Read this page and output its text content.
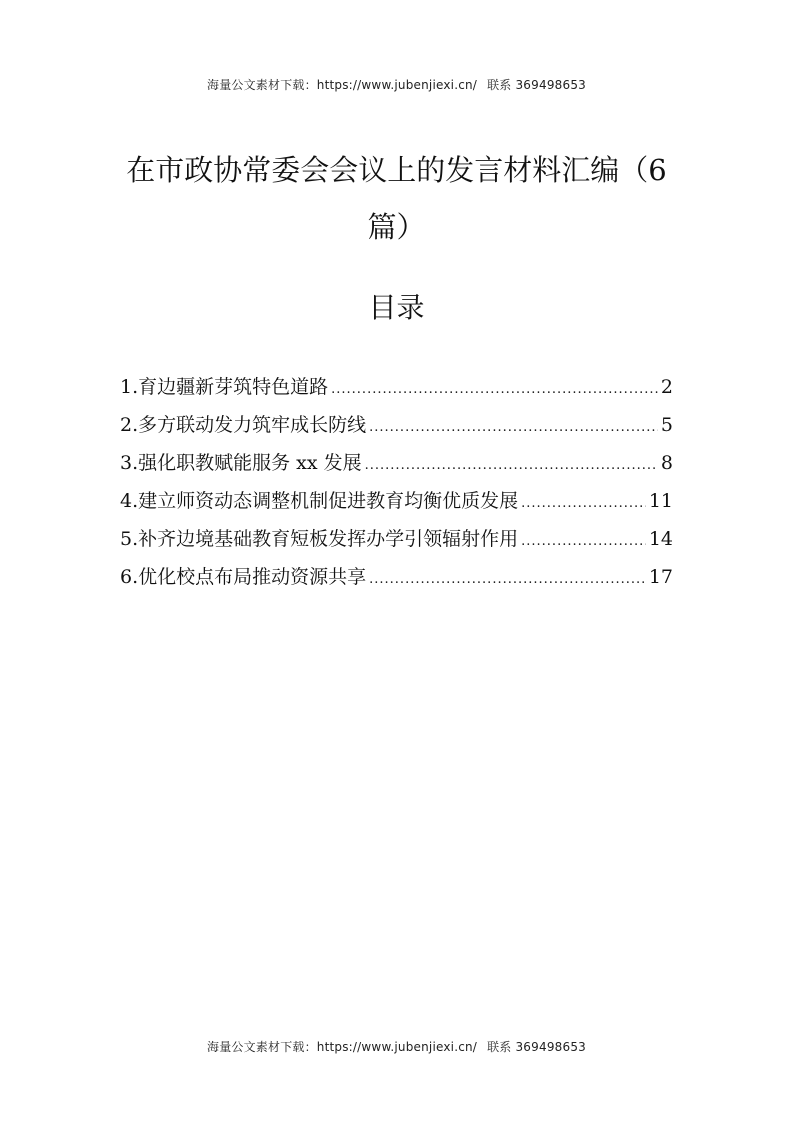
海量公文素材下载：https://www.jubenjiexi.cn/ 联系 369498653
在市政协常委会会议上的发言材料汇编（6篇）
目录
1.育边疆新芽筑特色道路 .....	2
2.多方联动发力筑牢成长防线 .....	5
3.强化职教赋能服务 xx 发展 .....	8
4.建立师资动态调整机制促进教育均衡优质发展 .....	11
5.补齐边境基础教育短板发挥办学引领辐射作用 .....	14
6.优化校点布局推动资源共享 .....	17
海量公文素材下载：https://www.jubenjiexi.cn/ 联系 369498653
